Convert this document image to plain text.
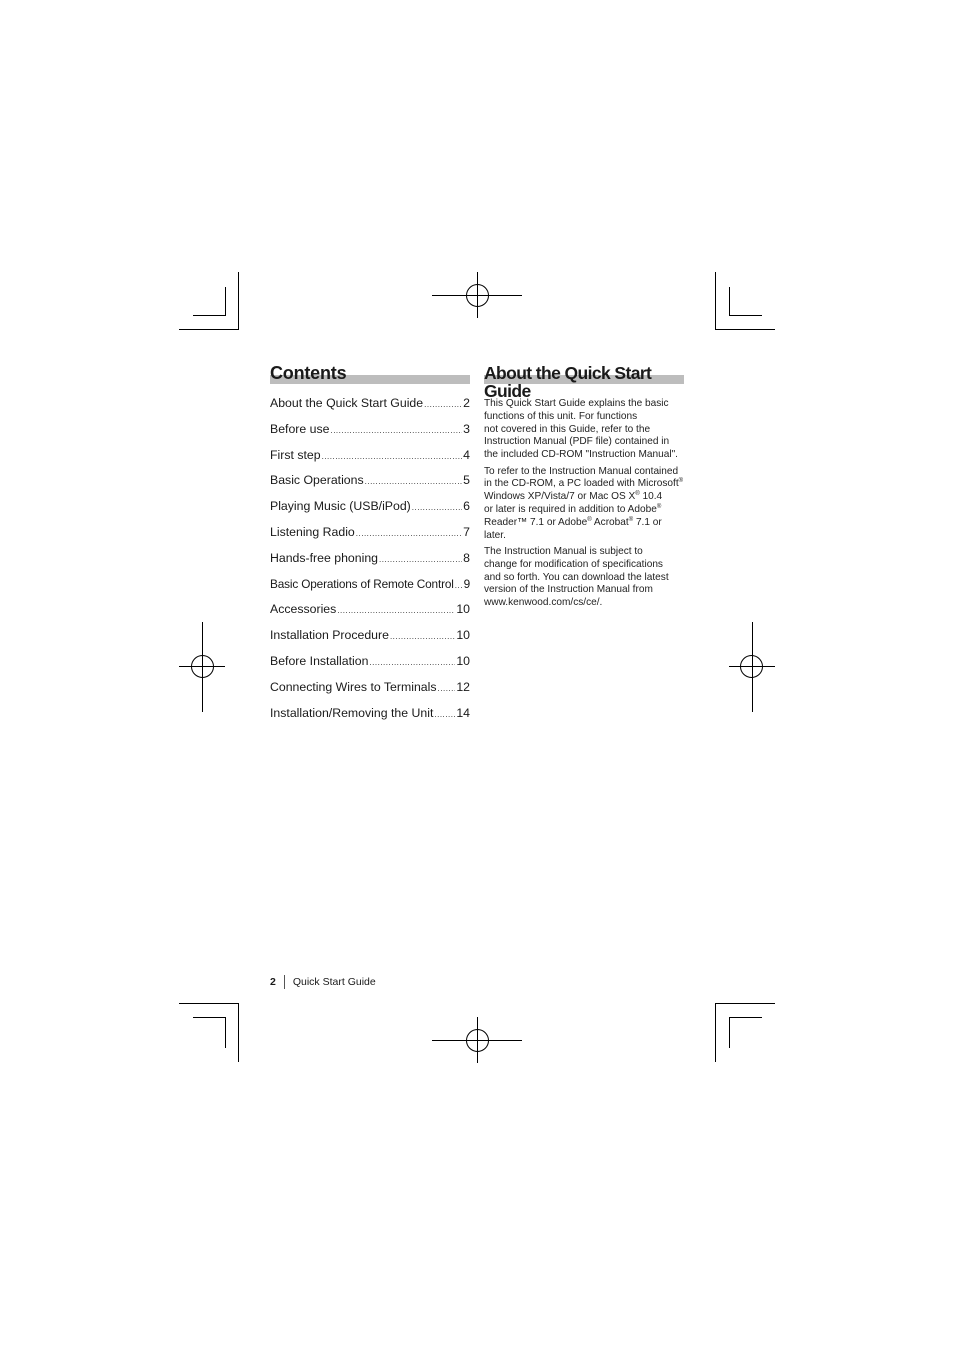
Contents
About the Quick Start Guide .....	2
Before use .....	3
First step .....	4
Basic Operations .....	5
Playing Music (USB/iPod) .....	6
Listening Radio .....	7
Hands-free phoning .....	8
Basic Operations of Remote Control ..... 9
Accessories .....	10
Installation Procedure .....	10
Before Installation .....	10
Connecting Wires to Terminals ..... 12
Installation/Removing the Unit ..... 14
About the Quick Start Guide

This Quick Start Guide explains the basic
functions of this unit. For functions
not covered in this Guide, refer to the
Instruction Manual (PDF file) contained in
the included CD-ROM "Instruction Manual".

To refer to the Instruction Manual contained
in the CD-ROM, a PC loaded with Microsoft®
Windows XP/Vista/7 or Mac OS X® 10.4
or later is required in addition to Adobe®
Reader™ 7.1 or Adobe® Acrobat® 7.1 or later.

The Instruction Manual is subject to
change for modification of specifications
and so forth. You can download the latest
version of the Instruction Manual from
www.kenwood.com/cs/ce/.

2 Quick Start Guide
